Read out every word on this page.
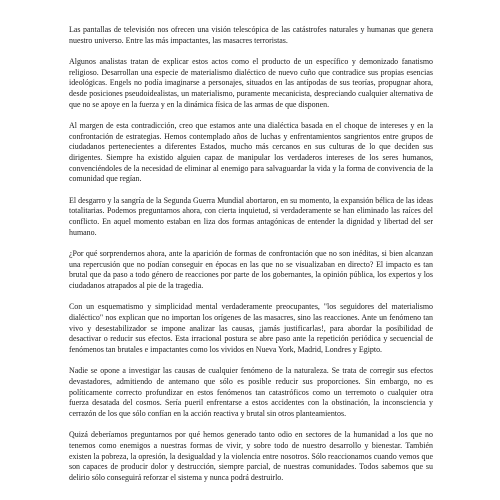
Las pantallas de televisión nos ofrecen una visión telescópica de las catástrofes naturales y humanas que genera nuestro universo. Entre las más impactantes, las masacres terroristas.

Algunos analistas tratan de explicar estos actos como el producto de un específico y demonizado fanatismo religioso. Desarrollan una especie de materialismo dialéctico de nuevo cuño que contradice sus propias esencias ideológicas. Engels no podía imaginarse a personajes, situados en las antípodas de sus teorías, propugnar ahora, desde posiciones pseudoidealistas, un materialismo, puramente mecanicista, despreciando cualquier alternativa de que no se apoye en la fuerza y en la dinámica física de las armas de que disponen.

Al margen de esta contradicción, creo que estamos ante una dialéctica basada en el choque de intereses y en la confrontación de estrategias. Hemos contemplado años de luchas y enfrentamientos sangrientos entre grupos de ciudadanos pertenecientes a diferentes Estados, mucho más cercanos en sus culturas de lo que deciden sus dirigentes. Siempre ha existido alguien capaz de manipular los verdaderos intereses de los seres humanos, convenciéndoles de la necesidad de eliminar al enemigo para salvaguardar la vida y la forma de convivencia de la comunidad que regían.

El desgarro y la sangría de la Segunda Guerra Mundial abortaron, en su momento, la expansión bélica de las ideas totalitarias. Podemos preguntarnos ahora, con cierta inquietud, si verdaderamente se han eliminado las raíces del conflicto. En aquel momento estaban en liza dos formas antagónicas de entender la dignidad y libertad del ser humano.

¿Por qué sorprendernos ahora, ante la aparición de formas de confrontación que no son inéditas, si bien alcanzan una repercusión que no podían conseguir en épocas en las que no se visualizaban en directo? El impacto es tan brutal que da paso a todo género de reacciones por parte de los gobernantes, la opinión pública, los expertos y los ciudadanos atrapados al pie de la tragedia.

Con un esquematismo y simplicidad mental verdaderamente preocupantes, "los seguidores del materialismo dialéctico" nos explican que no importan los orígenes de las masacres, sino las reacciones. Ante un fenómeno tan vivo y desestabilizador se impone analizar las causas, ¡jamás justificarlas!, para abordar la posibilidad de desactivar o reducir sus efectos. Esta irracional postura se abre paso ante la repetición periódica y secuencial de fenómenos tan brutales e impactantes como los vividos en Nueva York, Madrid, Londres y Egipto.

Nadie se opone a investigar las causas de cualquier fenómeno de la naturaleza. Se trata de corregir sus efectos devastadores, admitiendo de antemano que sólo es posible reducir sus proporciones. Sin embargo, no es políticamente correcto profundizar en estos fenómenos tan catastróficos como un terremoto o cualquier otra fuerza desatada del cosmos. Sería pueril enfrentarse a estos accidentes con la obstinación, la inconsciencia y cerrazón de los que sólo confían en la acción reactiva y brutal sin otros planteamientos.

Quizá deberíamos preguntarnos por qué hemos generado tanto odio en sectores de la humanidad a los que no tenemos como enemigos a nuestras formas de vivir, y sobre todo de nuestro desarrollo y bienestar. También existen la pobreza, la opresión, la desigualdad y la violencia entre nosotros. Sólo reaccionamos cuando vemos que son capaces de producir dolor y destrucción, siempre parcial, de nuestras comunidades. Todos sabemos que su delirio sólo conseguirá reforzar el sistema y nunca podrá destruirlo.
